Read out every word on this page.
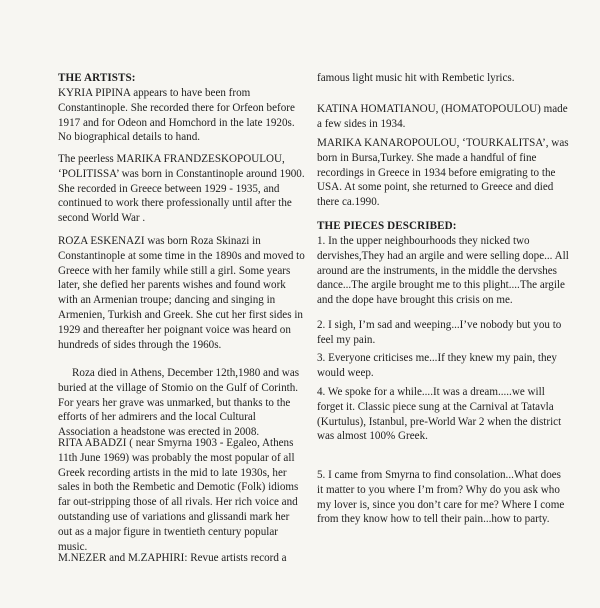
THE ARTISTS:

KYRIA PIPINA appears to have been from Constantinople. She recorded there for Orfeon before 1917 and for Odeon and Homchord in the late 1920s. No biographical details to hand.

The peerless MARIKA FRANDZESKOPOULOU, ‘POLITISSA’ was born in Constantinople around 1900. She recorded in Greece between 1929 - 1935, and continued to work there professionally until after the second World War .

ROZA ESKENAZI was born Roza Skinazi in Constantinople at some time in the 1890s and moved to Greece with her family while still a girl. Some years later, she defied her parents wishes and found work with an Armenian troupe; dancing and singing in Armenien, Turkish and Greek. She cut her first sides in 1929 and thereafter her poignant voice was heard on hundreds of sides through the 1960s.

Roza died in Athens, December 12th,1980 and was buried at the village of Stomio on the Gulf of Corinth. For years her grave was unmarked, but thanks to the efforts of her admirers and the local Cultural Association a headstone was erected in 2008.

RITA ABADZI ( near Smyrna 1903 - Egaleo, Athens 11th June 1969) was probably the most popular of all Greek recording artists in the mid to late 1930s, her sales in both the Rembetic and Demotic (Folk) idioms far out-stripping those of all rivals. Her rich voice and outstanding use of variations and glissandi mark her out as a major figure in twentieth century popular music.

M.NEZER and M.ZAPHIRI: Revue artists record a

famous light music hit with Rembetic lyrics.

KATINA HOMATIANOU, (HOMATOPOULOU) made a few sides in 1934.

MARIKA KANAROPOULOU, ‘TOURKALITSA’, was born in Bursa,Turkey. She made a handful of fine recordings in Greece in 1934 before emigrating to the USA. At some point, she returned to Greece and died there ca.1990.

THE PIECES DESCRIBED:

1. In the upper neighbourhoods they nicked two dervishes,They had an argile and were selling dope... All around are the instruments, in the middle the dervshes dance...The argile brought me to this plight....The argile and the dope have brought this crisis on me.

2. I sigh, I’m sad and weeping...I’ve nobody but you to feel my pain.

3. Everyone criticises me...If they knew my pain, they would weep.

4. We spoke for a while....It was a dream.....we will forget it. Classic piece sung at the Carnival at Tatavla (Kurtulus), Istanbul, pre-World War 2 when the district was almost 100% Greek.

5. I came from Smyrna to find consolation...What does it matter to you where I’m from? Why do you ask who my lover is, since you don’t care for me? Where I come from they know how to tell their pain...how to party.
